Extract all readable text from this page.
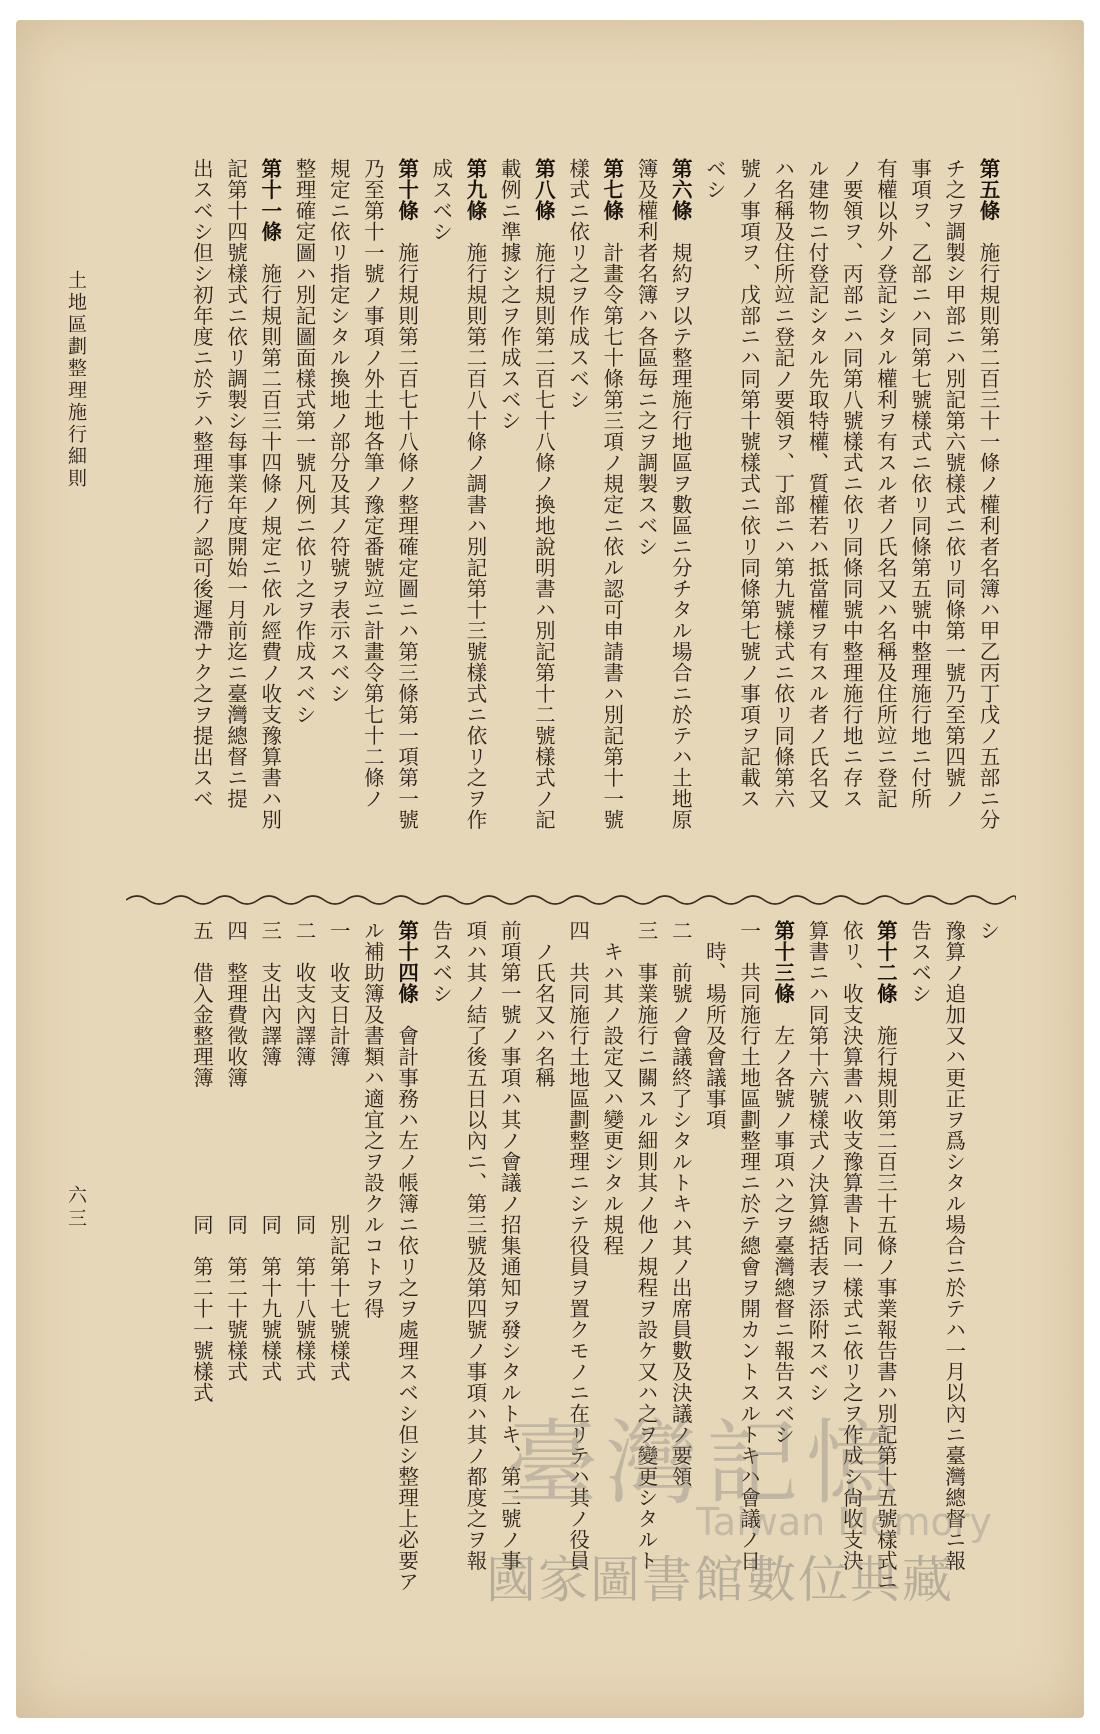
第五條　施行規則第二百三十一條ノ權利者名簿ハ甲乙丙丁戊ノ五部ニ分
チ之ヲ調製シ甲部ニハ別記第六號樣式ニ依リ同條第一號乃至第四號ノ
事項ヲ、乙部ニハ同第七號樣式ニ依リ同條第五號中整理施行地ニ付所
有權以外ノ登記シタル權利ヲ有スル者ノ氏名又ハ名稱及住所竝ニ登記
ノ要領ヲ、丙部ニハ同第八號樣式ニ依リ同條同號中整理施行地ニ存ス
ル建物ニ付登記シタル先取特權、質權若ハ抵當權ヲ有スル者ノ氏名又
ハ名稱及住所竝ニ登記ノ要領ヲ、丁部ニハ第九號樣式ニ依リ同條第六
號ノ事項ヲ、戊部ニハ同第十號樣式ニ依リ同條第七號ノ事項ヲ記載ス
ベシ
第六條　規約ヲ以テ整理施行地區ヲ數區ニ分チタル場合ニ於テハ土地原
簿及權利者名簿ハ各區毎ニ之ヲ調製スベシ
第七條　計畫令第七十條第三項ノ規定ニ依ル認可申請書ハ別記第十一號
樣式ニ依リ之ヲ作成スベシ
第八條　施行規則第二百七十八條ノ換地說明書ハ別記第十二號樣式ノ記
載例ニ準據シ之ヲ作成スベシ
第九條　施行規則第二百八十條ノ調書ハ別記第十三號樣式ニ依リ之ヲ作
成スベシ
第十條　施行規則第二百七十八條ノ整理確定圖ニハ第三條第一項第一號
乃至第十一號ノ事項ノ外土地各筆ノ豫定番號竝ニ計畫令第七十二條ノ
規定ニ依リ指定シタル換地ノ部分及其ノ符號ヲ表示スベシ
整理確定圖ハ別記圖面樣式第一號凡例ニ依リ之ヲ作成スベシ
第十一條　施行規則第二百三十四條ノ規定ニ依ル經費ノ收支豫算書ハ別
記第十四號樣式ニ依リ調製シ每事業年度開始一月前迄ニ臺灣總督ニ提
出スベシ但シ初年度ニ於テハ整理施行ノ認可後遲滯ナク之ヲ提出スベ
シ
豫算ノ追加又ハ更正ヲ爲シタル場合ニ於テハ一月以內ニ臺灣總督ニ報
告スベシ
第十二條　施行規則第二百三十五條ノ事業報告書ハ別記第十五號樣式ニ
依リ、收支決算書ハ收支豫算書ト同一樣式ニ依リ之ヲ作成シ尙收支決
算書ニハ同第十六號樣式ノ決算總括表ヲ添附スベシ
第十三條　左ノ各號ノ事項ハ之ヲ臺灣總督ニ報告スベシ
一　共同施行土地區劃整理ニ於テ總會ヲ開カントスルトキハ會議ノ日
　時、場所及會議事項
二　前號ノ會議終了シタルトキハ其ノ出席員數及決議ノ要領
三　事業施行ニ關スル細則其ノ他ノ規程ヲ設ケ又ハ之ヲ變更シタルト
　キハ其ノ設定又ハ變更シタル規程
四　共同施行土地區劃整理ニシテ役員ヲ置クモノニ在リテハ其ノ役員
　ノ氏名又ハ名稱
前項第一號ノ事項ハ其ノ會議ノ招集通知ヲ發シタルトキ、第二號ノ事
項ハ其ノ結了後五日以內ニ、第三號及第四號ノ事項ハ其ノ都度之ヲ報
告スベシ
第十四條　會計事務ハ左ノ帳簿ニ依リ之ヲ處理スベシ但シ整理上必要ア
ル補助簿及書類ハ適宜之ヲ設クルコトヲ得
一　收支日計簿　　　　　　　別記第十七號樣式
二　收支內譯簿　　　　　　　同　第十八號樣式
三　支出內譯簿　　　　　　　同　第十九號樣式
四　整理費徵收簿　　　　　　同　第二十號樣式
五　借入金整理簿　　　　　　同　第二十一號樣式
土地區劃整理施行細則
六三
臺灣記憶
Taiwan Memory
國家圖書館數位典藏
